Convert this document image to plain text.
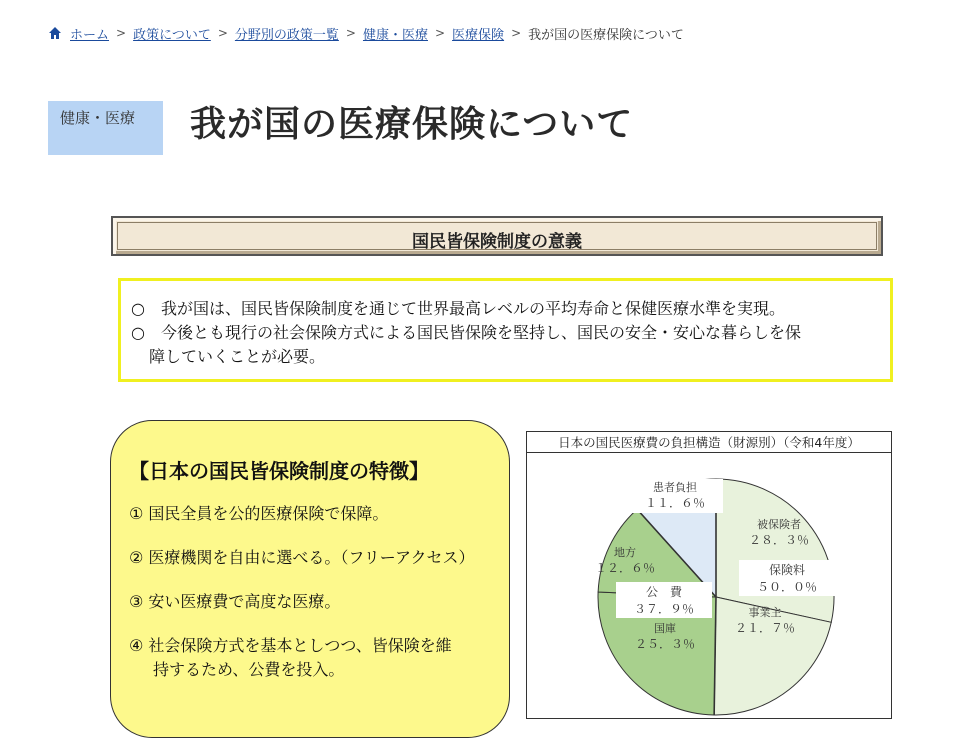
ホーム > 政策について > 分野別の政策一覧 > 健康・医療 > 医療保険 > 我が国の医療保険について
健康・医療	我が国の医療保険について
国民皆保険制度の意義
○　我が国は、国民皆保険制度を通じて世界最高レベルの平均寿命と保健医療水準を実現。
○　今後とも現行の社会保険方式による国民皆保険を堅持し、国民の安全・安心な暮らしを保
障していくことが必要。
【日本の国民皆保険制度の特徴】
① 国民全員を公的医療保険で保障。
② 医療機関を自由に選べる。（フリーアクセス）
③ 安い医療費で高度な医療。
④ 社会保険方式を基本としつつ、皆保険を維
持するため、公費を投入。
日本の国民医療費の負担構造（財源別）（令和4年度）
被保険者
２８．３％
事業主
２１．７％
国庫
２５．３％
地方
１２．６％
患者負担
１１．６％
保険料
５０．０％
公　費
３７．９％
